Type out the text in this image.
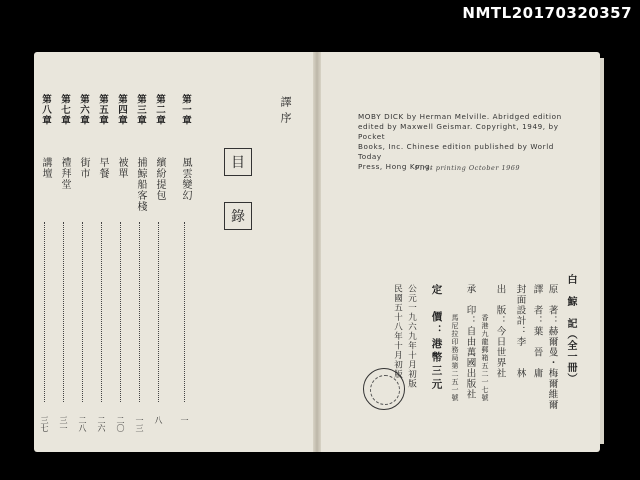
NMTL20170320357
譯序
目
錄
第一章
風雲變幻
一
第二章
繽紛提包
八
第三章
捕鯨船客棧
一三
第四章
被單
二〇
第五章
早餐
二六
第六章
街市
二八
第七章
禮拜堂
三一
第八章
講壇
三七
MOBY DICK by Herman Melville. Abridged edition
edited by Maxwell Geismar. Copyright, 1949, by Pocket
Books, Inc. Chinese edition published by World Today
Press, Hong Kong.
First printing October 1969
白　鯨　記（全一冊）
原　著：赫爾曼・梅爾維爾
譯　者：葉　晉　庸
封面設計：李　　林
出　版：今日世界社
香港九龍郵箱五二一七號
承　印：自由萬國出版社
馬尼拉印務局第二五一號
定　價：港幣三元
公元一九六九年十月初版
民國五十八年十月初版
